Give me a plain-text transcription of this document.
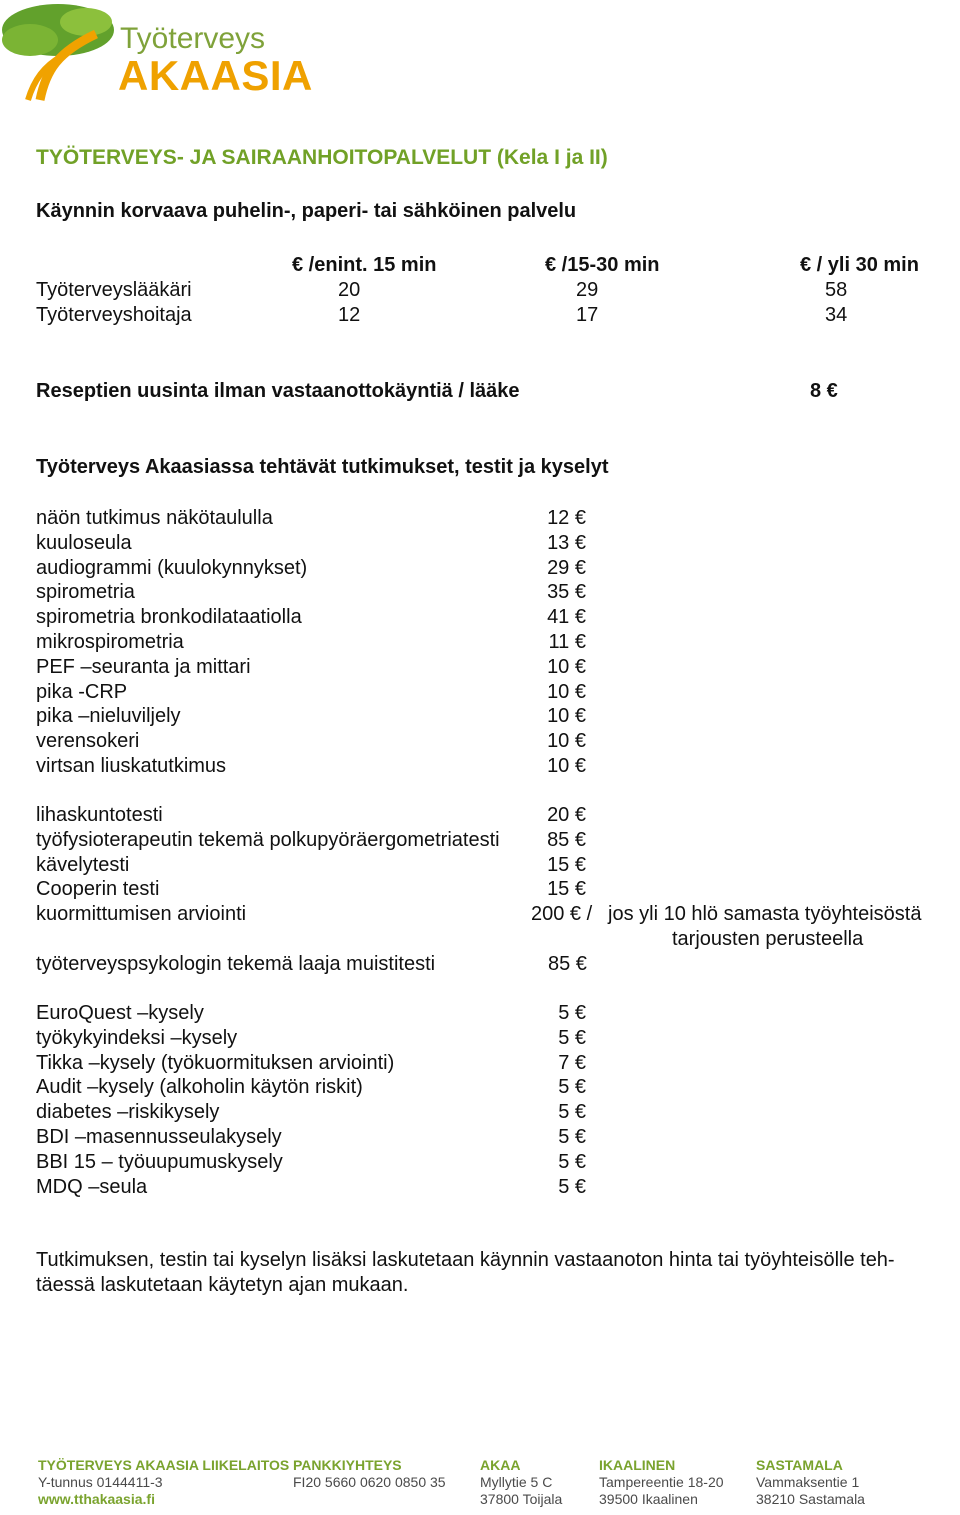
Työterveys
AKAASIA
TYÖTERVEYS- JA SAIRAANHOITOPALVELUT (Kela I ja II)
Käynnin korvaava puhelin-, paperi- tai sähköinen palvelu
€ /enint. 15 min	€ /15-30 min	€ / yli 30 min
Työterveyslääkäri	20	29	58
Työterveyshoitaja	12	17	34
Reseptien uusinta ilman vastaanottokäyntiä / lääke	8 €
Työterveys Akaasiassa tehtävät tutkimukset, testit ja kyselyt
näön tutkimus näkötaululla	12 €
kuuloseula	13 €
audiogrammi (kuulokynnykset)	29 €
spirometria	35 €
spirometria bronkodilataatiolla	41 €
mikrospirometria	11 €
PEF –seuranta ja mittari	10 €
pika -CRP	10 €
pika –nieluviljely	10 €
verensokeri	10 €
virtsan liuskatutkimus	10 €
lihaskuntotesti	20 €
työfysioterapeutin tekemä polkupyöräergometriatesti 85 €
kävelytesti	15 €
Cooperin testi	15 €
kuormittumisen arviointi	200 € / jos yli 10 hlö samasta työyhteisöstä
tarjousten perusteella
työterveyspsykologin tekemä laaja muistitesti	85 €
EuroQuest –kysely	5 €
työkykyindeksi –kysely	5 €
Tikka –kysely (työkuormituksen arviointi)	7 €
Audit –kysely (alkoholin käytön riskit)	5 €
diabetes –riskikysely	5 €
BDI –masennusseulakysely	5 €
BBI 15 – työuupumuskysely	5 €
MDQ –seula	5 €
Tutkimuksen, testin tai kyselyn lisäksi laskutetaan käynnin vastaanoton hinta tai työyhteisölle teh-
täessä laskutetaan käytetyn ajan mukaan.
TYÖTERVEYS AKAASIA LIIKELAITOS
Y-tunnus 0144411-3
www.tthakaasia.fi
PANKKIYHTEYS
FI20 5660 0620 0850 35
AKAA
Myllytie 5 C
37800 Toijala
IKAALINEN
Tampereentie 18-20
39500 Ikaalinen
SASTAMALA
Vammaksentie 1
38210 Sastamala
